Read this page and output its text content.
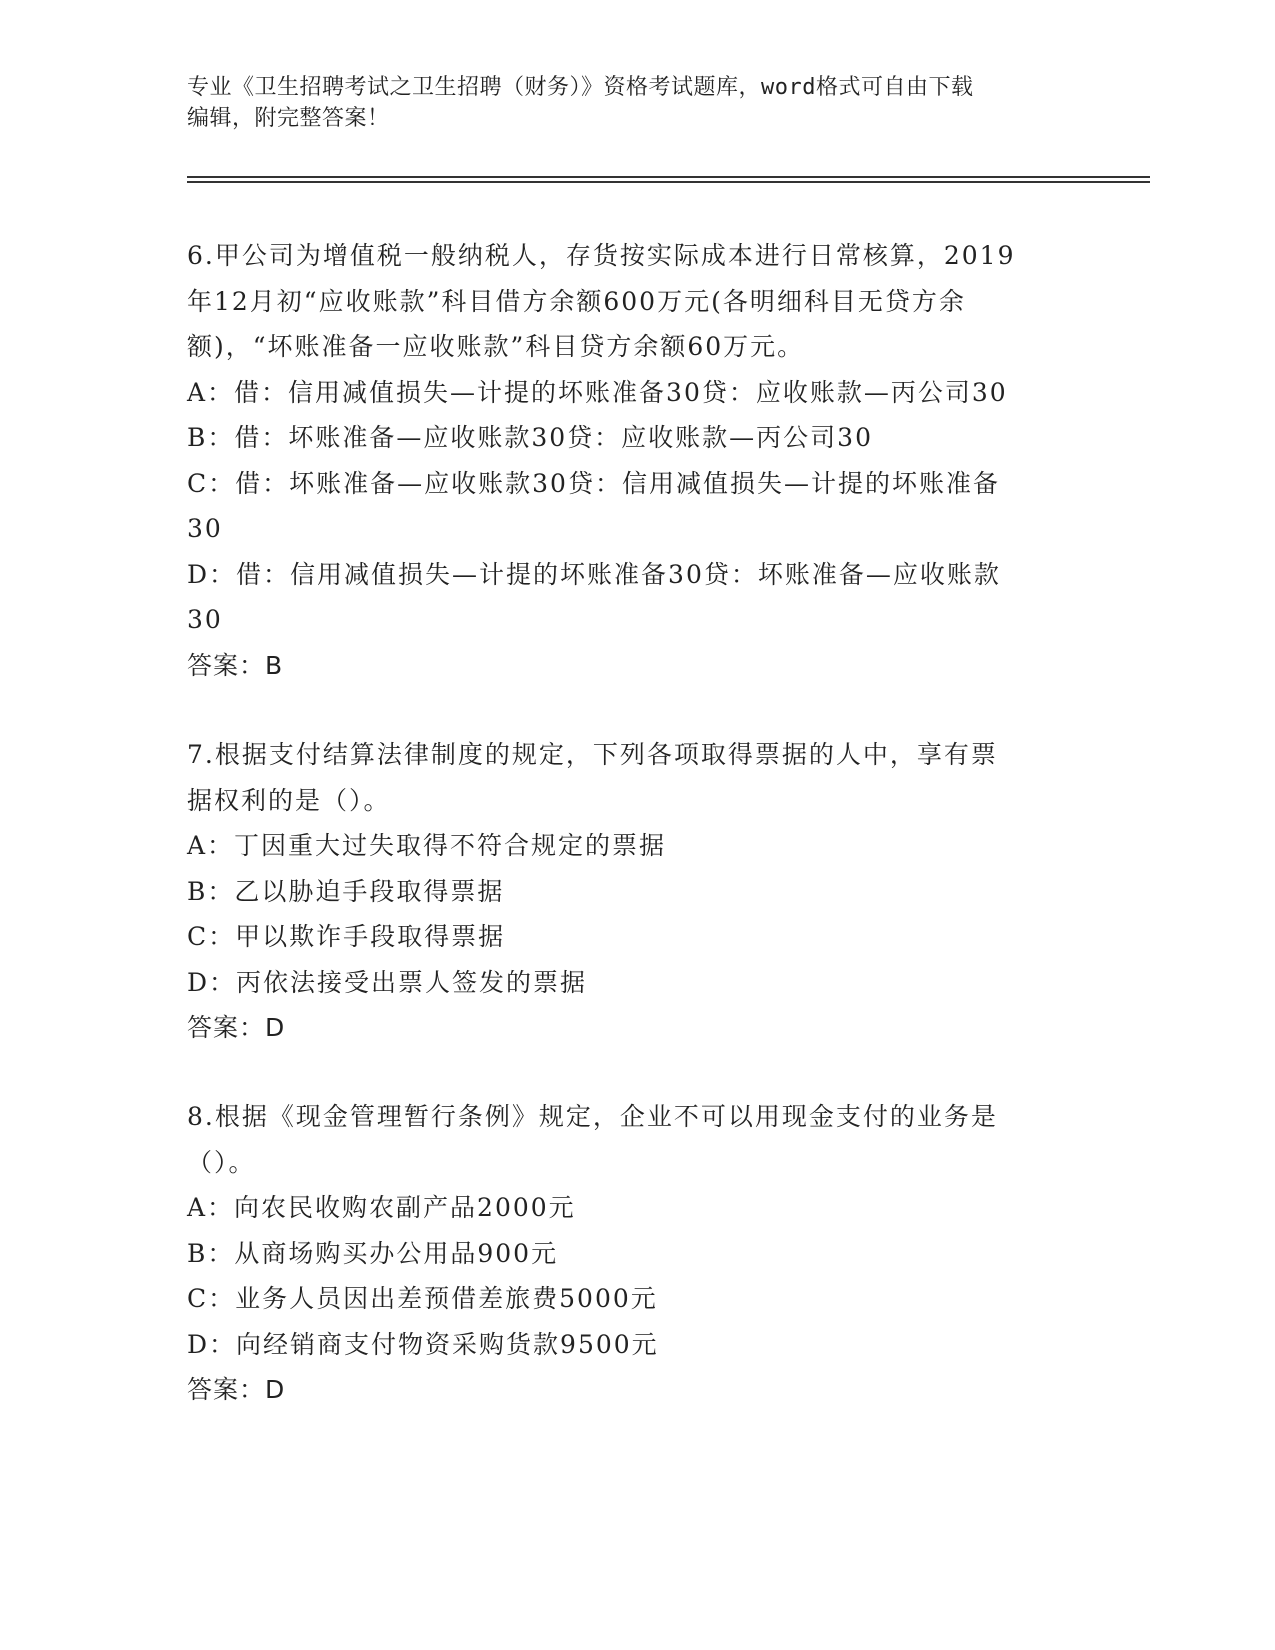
专业《卫生招聘考试之卫生招聘（财务）》资格考试题库，word格式可自由下载
编辑，附完整答案！
6.甲公司为增值税一般纳税人，存货按实际成本进行日常核算，2019
年12月初“应收账款”科目借方余额600万元(各明细科目无贷方余
额)，“坏账准备一应收账款”科目贷方余额60万元。
A：借：信用减值损失—计提的坏账准备30贷：应收账款—丙公司30
B：借：坏账准备—应收账款30贷：应收账款—丙公司30
C：借：坏账准备—应收账款30贷：信用减值损失—计提的坏账准备
30
D：借：信用减值损失—计提的坏账准备30贷：坏账准备—应收账款
30
答案：B
7.根据支付结算法律制度的规定，下列各项取得票据的人中，享有票
据权利的是（）。
A：丁因重大过失取得不符合规定的票据
B：乙以胁迫手段取得票据
C：甲以欺诈手段取得票据
D：丙依法接受出票人签发的票据
答案：D
8.根据《现金管理暂行条例》规定，企业不可以用现金支付的业务是
（）。
A：向农民收购农副产品2000元
B：从商场购买办公用品900元
C：业务人员因出差预借差旅费5000元
D：向经销商支付物资采购货款9500元
答案：D
